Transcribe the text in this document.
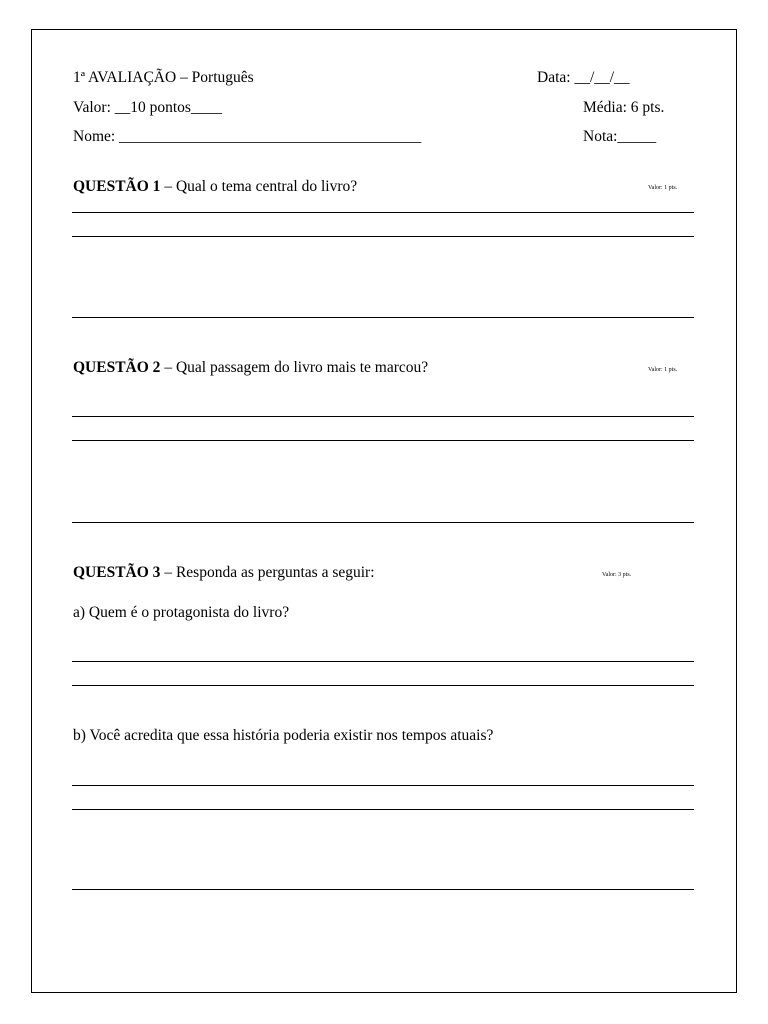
1ª AVALIAÇÃO – Português	Data: __/__/__
Valor: __10 pontos____	Média: 6 pts.
Nome: _______________________________________	Nota:_____
QUESTÃO 1 – Qual o tema central do livro?	Valor: 1 pts.
QUESTÃO 2 – Qual passagem do livro mais te marcou?	Valor: 1 pts.
QUESTÃO 3 – Responda as perguntas a seguir:	Valor: 3 pts.
a) Quem é o protagonista do livro?
b) Você acredita que essa história poderia existir nos tempos atuais?
